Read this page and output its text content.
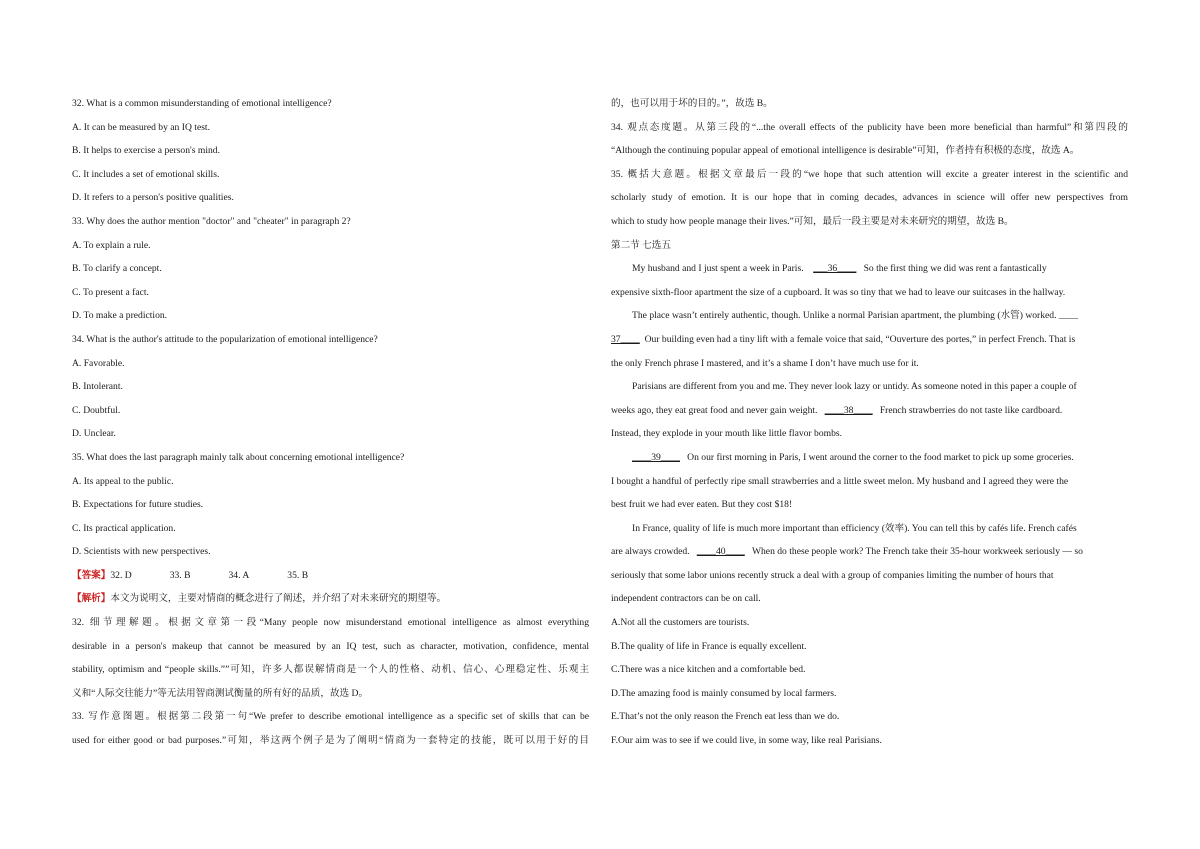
32. What is a common misunderstanding of emotional intelligence?
A. It can be measured by an IQ test.
B. It helps to exercise a person's mind.
C. It includes a set of emotional skills.
D. It refers to a person's positive qualities.
33. Why does the author mention "doctor" and "cheater" in paragraph 2?
A. To explain a rule.
B. To clarify a concept.
C. To present a fact.
D. To make a prediction.
34. What is the author's attitude to the popularization of emotional intelligence?
A. Favorable.
B. Intolerant.
C. Doubtful.
D. Unclear.
35. What does the last paragraph mainly talk about concerning emotional intelligence?
A. Its appeal to the public.
B. Expectations for future studies.
C. Its practical application.
D. Scientists with new perspectives.
【答案】32. D	33. B	34. A	35. B
【解析】本文为说明文，主要对情商的概念进行了阐述，并介绍了对未来研究的期望等。
32. 细节理解题。根据文章第一段“Many people now misunderstand emotional intelligence as almost everything
desirable in a person's makeup that cannot be measured by an IQ test, such as character, motivation, confidence, mental
stability, optimism and “people skills.””可知，许多人都误解情商是一个人的性格、动机、信心、心理稳定性、乐观主
义和“人际交往能力”等无法用智商测试衡量的所有好的品质，故选 D。
33. 写作意图题。根据第二段第一句“We prefer to describe emotional intelligence as a specific set of skills that can be
used for either good or bad purposes.”可知，举这两个例子是为了阐明“情商为一套特定的技能，既可以用于好的目
的，也可以用于坏的目的。”，故选 B。
34. 观点态度题。从第三段的“...the overall effects of the publicity have been more beneficial than harmful”和第四段的
“Although the continuing popular appeal of emotional intelligence is desirable”可知，作者持有积极的态度，故选 A。
35. 概括大意题。根据文章最后一段的“we hope that such attention will excite a greater interest in the scientific and
scholarly study of emotion. It is our hope that in coming decades, advances in science will offer new perspectives from
which to study how people manage their lives.”可知，最后一段主要是对未来研究的期望，故选 B。
第二节 七选五
My husband and I just spent a week in Paris. ___36____ So the first thing we did was rent a fantastically
expensive sixth-floor apartment the size of a cupboard. It was so tiny that we had to leave our suitcases in the hallway.
The place wasn’t entirely authentic, though. Unlike a normal Parisian apartment, the plumbing (水管) worked. ____
37____ Our building even had a tiny lift with a female voice that said, “Ouverture des portes,” in perfect French. That is
the only French phrase I mastered, and it’s a shame I don’t have much use for it.
Parisians are different from you and me. They never look lazy or untidy. As someone noted in this paper a couple of
weeks ago, they eat great food and never gain weight. ____38____ French strawberries do not taste like cardboard.
Instead, they explode in your mouth like little flavor bombs.
____39____ On our first morning in Paris, I went around the corner to the food market to pick up some groceries.
I bought a handful of perfectly ripe small strawberries and a little sweet melon. My husband and I agreed they were the
best fruit we had ever eaten. But they cost $18!
In France, quality of life is much more important than efficiency (效率). You can tell this by cafés life. French cafés
are always crowded. ____40____ When do these people work? The French take their 35-hour workweek seriously — so
seriously that some labor unions recently struck a deal with a group of companies limiting the number of hours that
independent contractors can be on call.
A.Not all the customers are tourists.
B.The quality of life in France is equally excellent.
C.There was a nice kitchen and a comfortable bed.
D.The amazing food is mainly consumed by local farmers.
E.That’s not the only reason the French eat less than we do.
F.Our aim was to see if we could live, in some way, like real Parisians.
